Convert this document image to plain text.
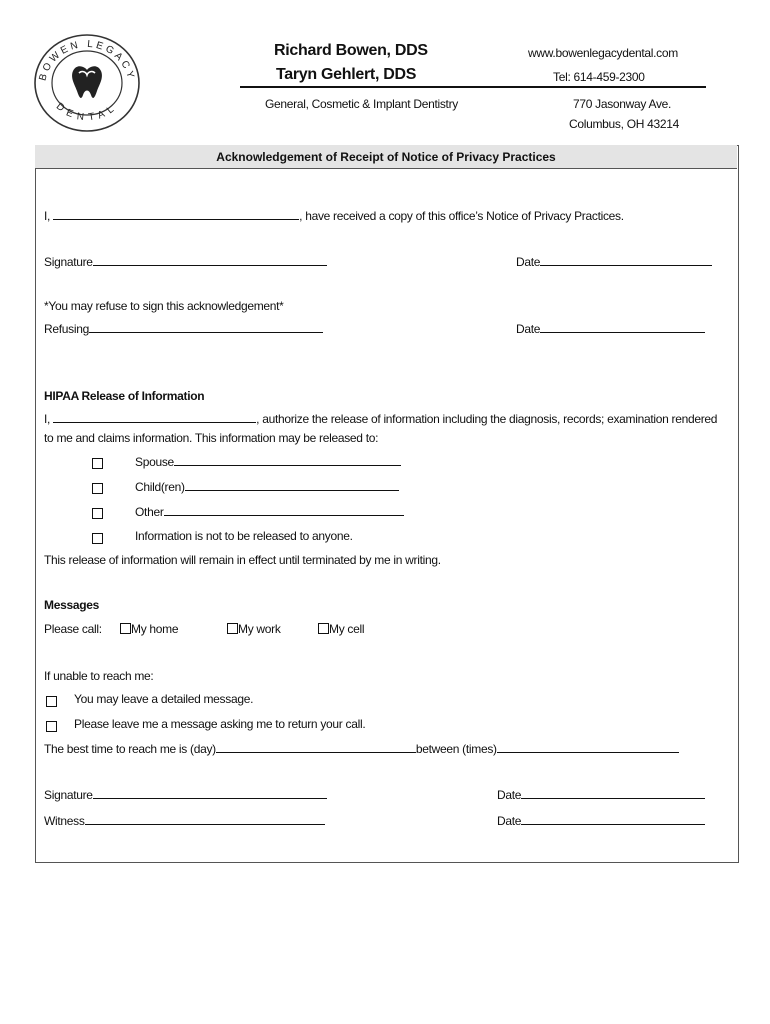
BOWEN LEGACY
DENTAL
Richard Bowen, DDS
Taryn Gehlert, DDS
www.bowenlegacydental.com
Tel: 614-459-2300
General, Cosmetic & Implant Dentistry	770 Jasonway Ave.
Columbus, OH 43214
Acknowledgement of Receipt of Notice of Privacy Practices
I,	, have received a copy of this office’s Notice of Privacy Practices.
Signature	Date
*You may refuse to sign this acknowledgement*
Refusing	Date
HIPAA Release of Information
I,	, authorize the release of information including the diagnosis, records; examination rendered
to me and claims information. This information may be released to:
Spouse
Child(ren)
Other
Information is not to be released to anyone.
This release of information will remain in effect until terminated by me in writing.
Messages
Please call:	My home	My work	My cell
If unable to reach me:
You may leave a detailed message.
Please leave me a message asking me to return your call.
The best time to reach me is (day)	between (times)
Signature	Date
Witness	Date
